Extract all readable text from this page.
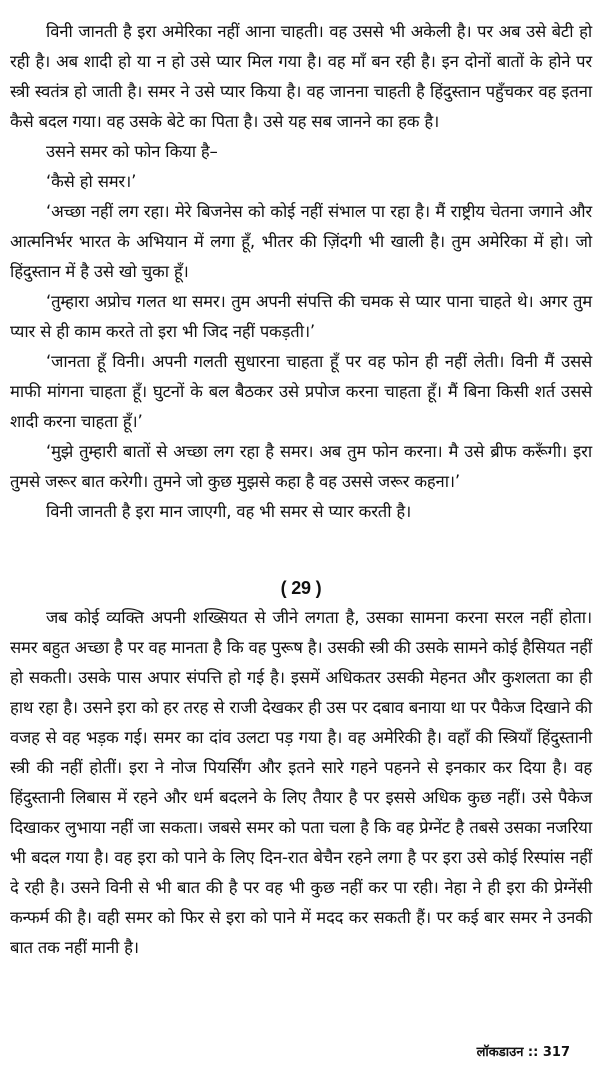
विनी जानती है इरा अमेरिका नहीं आना चाहती। वह उससे भी अकेली है। पर अब उसे बेटी हो रही है। अब शादी हो या न हो उसे प्यार मिल गया है। वह माँ बन रही है। इन दोनों बातों के होने पर स्त्री स्वतंत्र हो जाती है। समर ने उसे प्यार किया है। वह जानना चाहती है हिंदुस्तान पहुँचकर वह इतना कैसे बदल गया। वह उसके बेटे का पिता है। उसे यह सब जानने का हक है।

उसने समर को फोन किया है–

‘कैसे हो समर।’

‘अच्छा नहीं लग रहा। मेरे बिजनेस को कोई नहीं संभाल पा रहा है। मैं राष्ट्रीय चेतना जगाने और आत्मनिर्भर भारत के अभियान में लगा हूँ, भीतर की ज़िंदगी भी खाली है। तुम अमेरिका में हो। जो हिंदुस्तान में है उसे खो चुका हूँ।

‘तुम्हारा अप्रोच गलत था समर। तुम अपनी संपत्ति की चमक से प्यार पाना चाहते थे। अगर तुम प्यार से ही काम करते तो इरा भी जिद नहीं पकड़ती।’

‘जानता हूँ विनी। अपनी गलती सुधारना चाहता हूँ पर वह फोन ही नहीं लेती। विनी मैं उससे माफी मांगना चाहता हूँ। घुटनों के बल बैठकर उसे प्रपोज करना चाहता हूँ। मैं बिना किसी शर्त उससे शादी करना चाहता हूँ।’

‘मुझे तुम्हारी बातों से अच्छा लग रहा है समर। अब तुम फोन करना। मै उसे ब्रीफ करूँगी। इरा तुमसे जरूर बात करेगी। तुमने जो कुछ मुझसे कहा है वह उससे जरूर कहना।’

विनी जानती है इरा मान जाएगी, वह भी समर से प्यार करती है।

( 29 )

जब कोई व्यक्ति अपनी शख्सियत से जीने लगता है, उसका सामना करना सरल नहीं होता। समर बहुत अच्छा है पर वह मानता है कि वह पुरूष है। उसकी स्त्री की उसके सामने कोई हैसियत नहीं हो सकती। उसके पास अपार संपत्ति हो गई है। इसमें अधिकतर उसकी मेहनत और कुशलता का ही हाथ रहा है। उसने इरा को हर तरह से राजी देखकर ही उस पर दबाव बनाया था पर पैकेज दिखाने की वजह से वह भड़क गई। समर का दांव उलटा पड़ गया है। वह अमेरिकी है। वहाँ की स्त्रियाँ हिंदुस्तानी स्त्री की नहीं होतीं। इरा ने नोज पियर्सिंग और इतने सारे गहने पहनने से इनकार कर दिया है। वह हिंदुस्तानी लिबास में रहने और धर्म बदलने के लिए तैयार है पर इससे अधिक कुछ नहीं। उसे पैकेज दिखाकर लुभाया नहीं जा सकता। जबसे समर को पता चला है कि वह प्रेग्नेंट है तबसे उसका नजरिया भी बदल गया है। वह इरा को पाने के लिए दिन-रात बेचैन रहने लगा है पर इरा उसे कोई रिस्पांस नहीं दे रही है। उसने विनी से भी बात की है पर वह भी कुछ नहीं कर पा रही। नेहा ने ही इरा की प्रेग्नेंसी कन्फर्म की है। वही समर को फिर से इरा को पाने में मदद कर सकती हैं। पर कई बार समर ने उनकी बात तक नहीं मानी है।

लॉकडाउन :: 317
